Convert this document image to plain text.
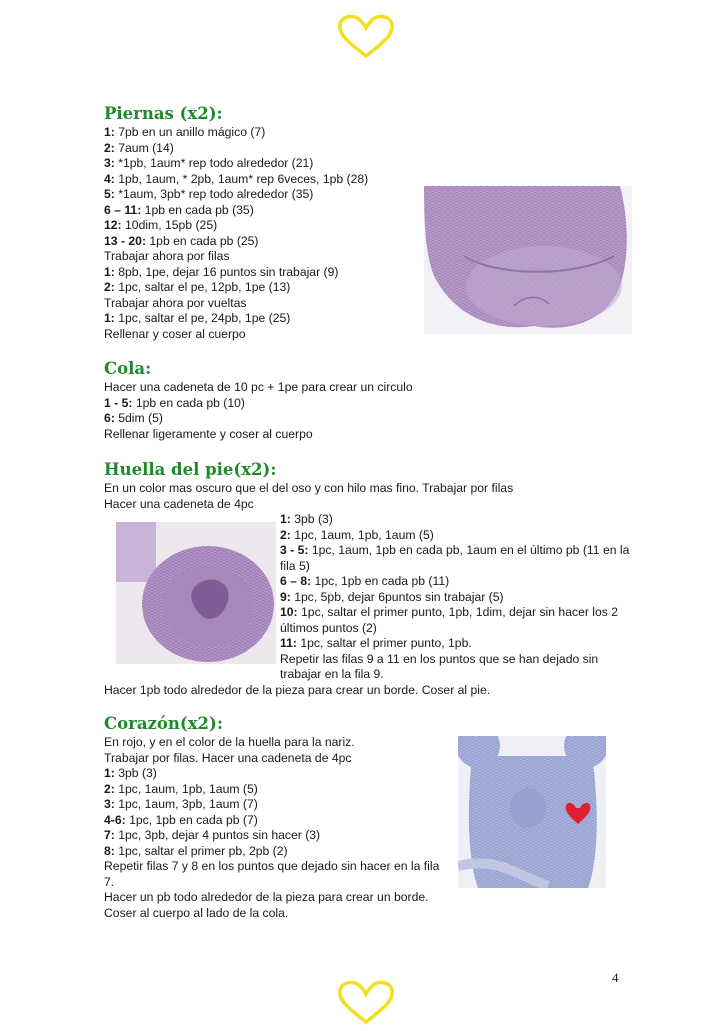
Piernas (x2):
1: 7pb en un anillo mágico (7)
2: 7aum (14)
3: *1pb, 1aum* rep todo alrededor (21)
4: 1pb, 1aum, * 2pb, 1aum* rep 6veces, 1pb (28)
5: *1aum, 3pb* rep todo alrededor (35)
6 – 11: 1pb en cada pb (35)
12: 10dim, 15pb (25)
13 - 20: 1pb en cada pb (25)
Trabajar ahora por filas
1: 8pb, 1pe, dejar 16 puntos sin trabajar (9)
2: 1pc, saltar el pe, 12pb, 1pe (13)
Trabajar ahora por vueltas
1: 1pc, saltar el pe, 24pb, 1pe (25)
Rellenar y coser al cuerpo
Cola:
Hacer una cadeneta de 10 pc + 1pe para crear un circulo
1 - 5: 1pb en cada pb (10)
6: 5dim (5)
Rellenar ligeramente y coser al cuerpo
Huella del pie(x2):
En un color mas oscuro que el del oso y con hilo mas fino. Trabajar por filas
Hacer una cadeneta de 4pc
1: 3pb (3)
2: 1pc, 1aum, 1pb, 1aum (5)
3 - 5: 1pc, 1aum, 1pb en cada pb, 1aum en el último pb (11 en la fila 5)
6 – 8: 1pc, 1pb en cada pb (11)
9: 1pc, 5pb, dejar 6puntos sin trabajar (5)
10: 1pc, saltar el primer punto, 1pb, 1dim, dejar sin hacer los 2 últimos puntos (2)
11: 1pc, saltar el primer punto, 1pb.
Repetir las filas 9 a 11 en los puntos que se han dejado sin trabajar en la fila 9.
Hacer 1pb todo alrededor de la pieza para crear un borde. Coser al pie.
Corazón(x2):
En rojo, y en el color de la huella para la nariz.
Trabajar por filas. Hacer una cadeneta de 4pc
1: 3pb (3)
2: 1pc, 1aum, 1pb, 1aum (5)
3: 1pc, 1aum, 3pb, 1aum (7)
4-6: 1pc, 1pb en cada pb (7)
7: 1pc, 3pb, dejar 4 puntos sin hacer (3)
8: 1pc, saltar el primer pb, 2pb (2)
Repetir filas 7 y 8 en los puntos que dejado sin hacer en la fila 7.
Hacer un pb todo alrededor de la pieza para crear un borde. Coser al cuerpo al lado de la cola.
4
